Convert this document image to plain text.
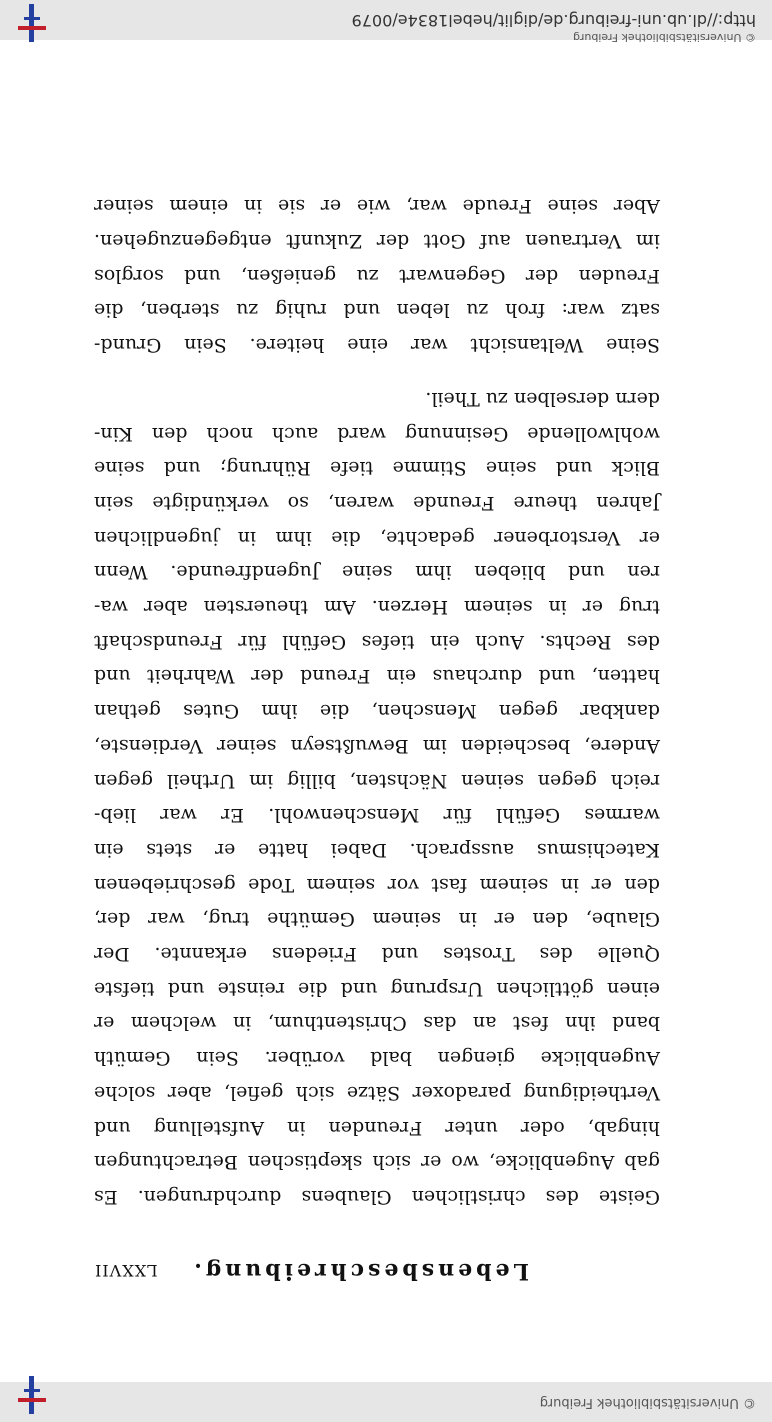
© Universitätsbibliothek Freiburg
Lebensbeschreibung.
LXXVII
Geiste des christlichen Glaubens durchdrungen. Es
gab Augenblicke, wo er sich skeptischen Betrachtungen
hingab, oder unter Freunden in Aufstellung und
Vertheidigung paradoxer Sätze sich gefiel, aber solche
Augenblicke giengen bald vorüber. Sein Gemüth
band ihn fest an das Christenthum, in welchem er
einen göttlichen Ursprung und die reinste und tiefste
Quelle des Trostes und Friedens erkannte. Der
Glaube, den er in seinem Gemüthe trug, war der,
den er in seinem fast vor seinem Tode geschriebenen
Katechismus aussprach. Dabei hatte er stets ein
warmes Gefühl für Menschenwohl. Er war lieb-
reich gegen seinen Nächsten, billig im Urtheil gegen
Andere, bescheiden im Bewußtseyn seiner Verdienste,
dankbar gegen Menschen, die ihm Gutes gethan
hatten, und durchaus ein Freund der Wahrheit und
des Rechts. Auch ein tiefes Gefühl für Freundschaft
trug er in seinem Herzen. Am theuersten aber wa-
ren und blieben ihm seine Jugendfreunde. Wenn
er Verstorbener gedachte, die ihm in jugendlichen
Jahren theure Freunde waren, so verkündigte sein
Blick und seine Stimme tiefe Rührung; und seine
wohlwollende Gesinnung ward auch noch den Kin-
dern derselben zu Theil.
Seine Weltansicht war eine heitere. Sein Grund-
satz war: froh zu leben und ruhig zu sterben, die
Freuden der Gegenwart zu genießen, und sorglos
im Vertrauen auf Gott der Zukunft entgegenzugehen.
Aber seine Freude war, wie er sie in einem seiner
http://dl.ub.uni-freiburg.de/diglit/hebel1834e/0079
© Universitätsbibliothek Freiburg
